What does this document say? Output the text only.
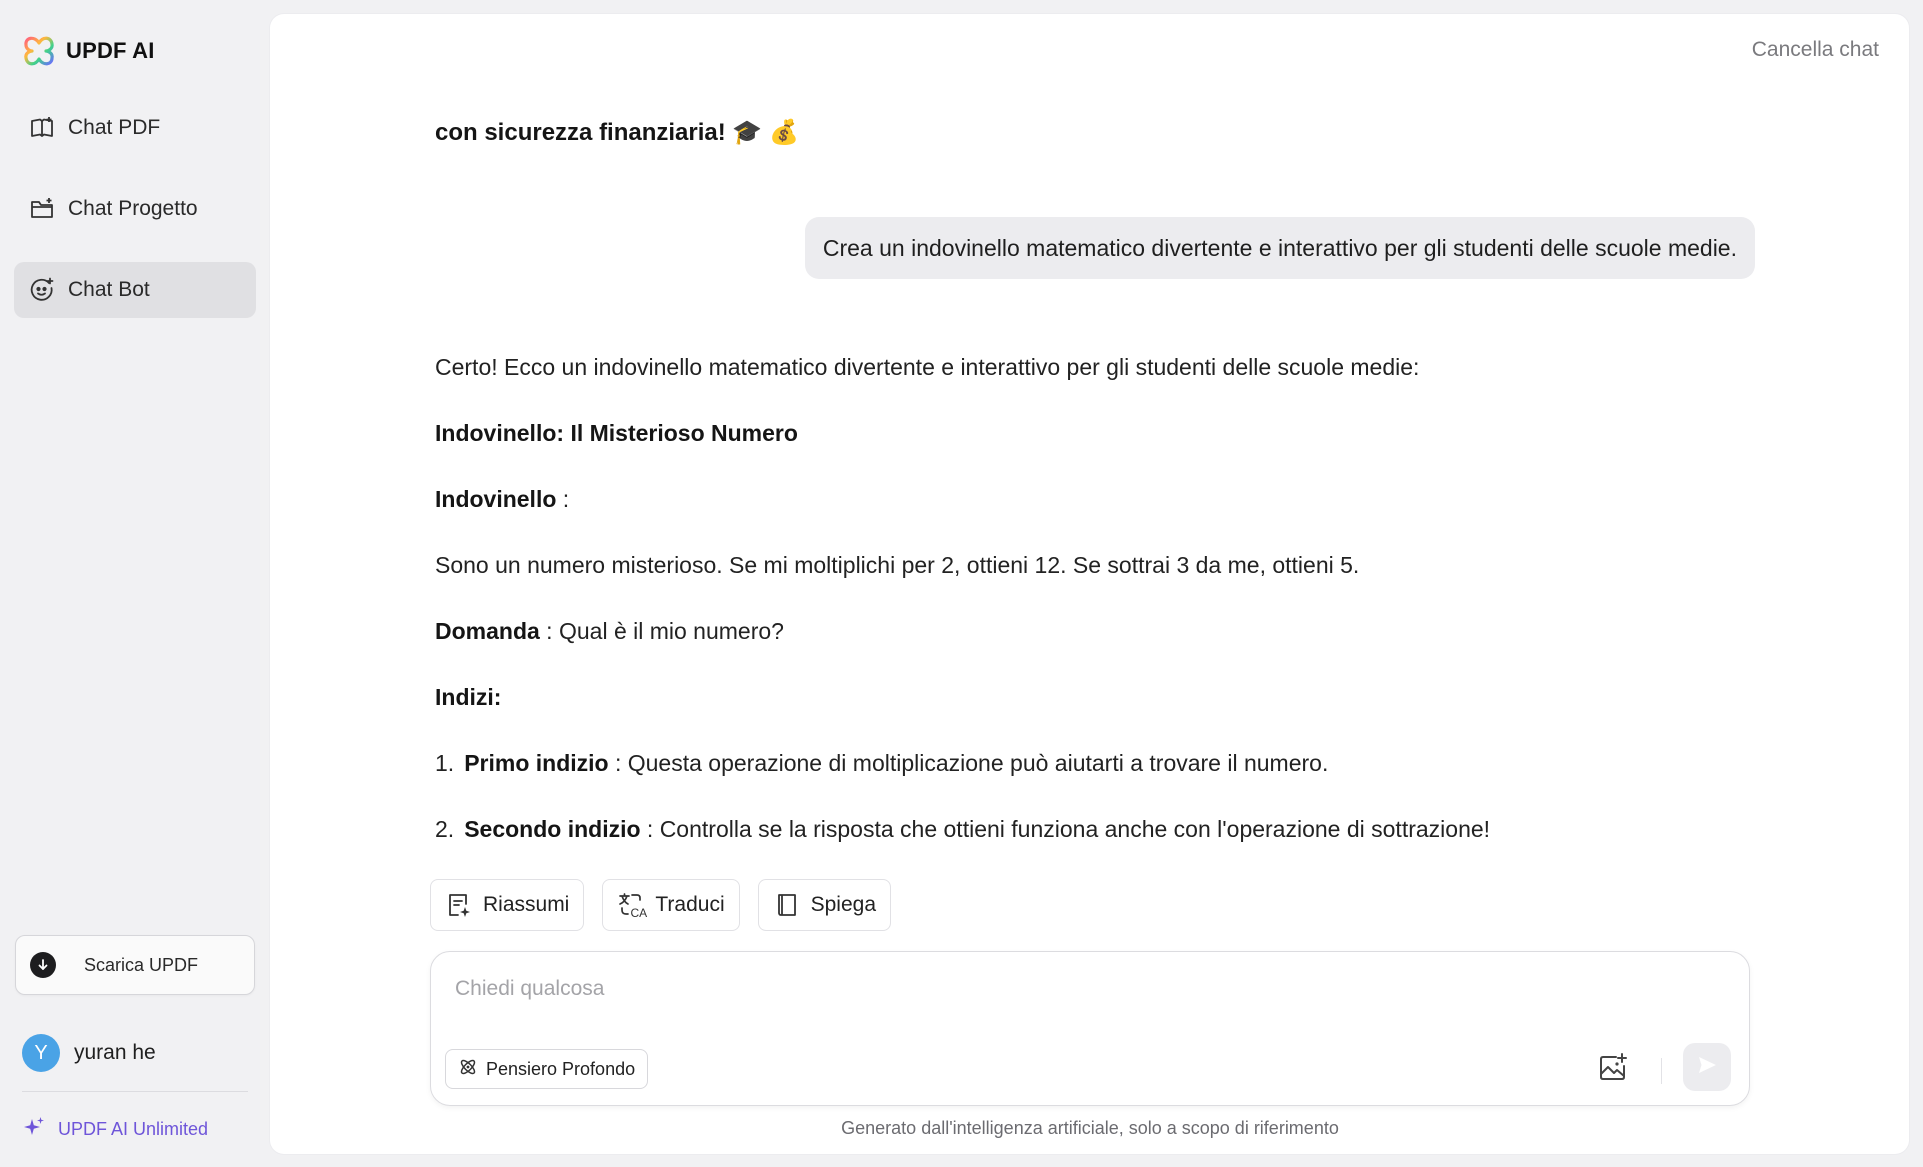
UPDF AI
Chat PDF
Chat Progetto
Chat Bot
Scarica UPDF
Y	yuran he
UPDF AI Unlimited
Cancella chat
con sicurezza finanziaria! 🎓 💰
Crea un indovinello matematico divertente e interattivo per gli studenti delle scuole medie.
Certo! Ecco un indovinello matematico divertente e interattivo per gli studenti delle scuole medie:
Indovinello: Il Misterioso Numero
Indovinello :
Sono un numero misterioso. Se mi moltiplichi per 2, ottieni 12. Se sottrai 3 da me, ottieni 5.
Domanda : Qual è il mio numero?
Indizi:
1. Primo indizio : Questa operazione di moltiplicazione può aiutarti a trovare il numero.
2. Secondo indizio : Controlla se la risposta che ottieni funziona anche con l'operazione di sottrazione!
Riassumi	CA Traduci	Spiega
Chiedi qualcosa
Pensiero Profondo
Generato dall'intelligenza artificiale, solo a scopo di riferimento
